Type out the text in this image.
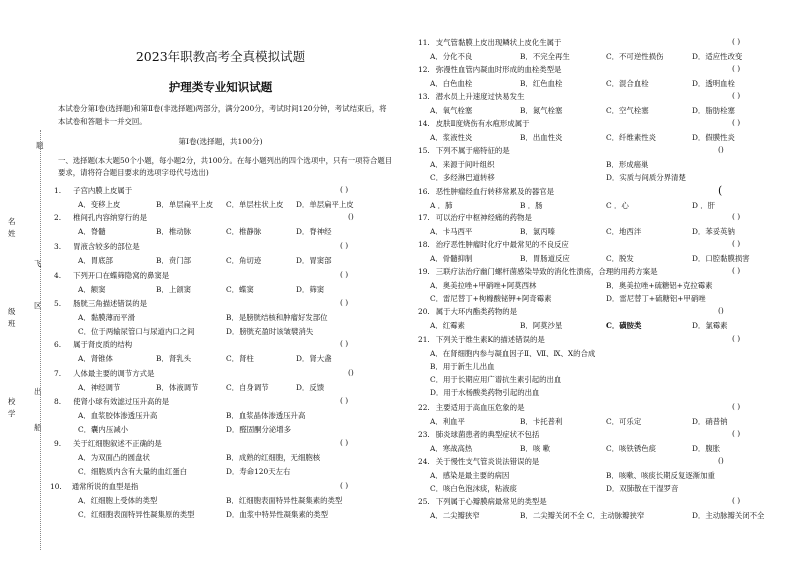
题
名
姓
飞
区
级
班
出
校
学
船
2023年职教高考全真模拟试题
护理类专业知识试题
本试卷分第Ⅰ卷(选择题)和第Ⅱ卷(非选择题)两部分，满分200分，考试时间120分钟，考试结束后，将本试卷和答题卡一并交回。
第Ⅰ卷(选择题，共100分)
一、选择题(本大题50个小题，每小题2分，共100分。在每小题列出的四个选项中，只有一项符合题目要求，请将符合题目要求的选项字母代号选出)
1. 子宫内膜上皮属于	( )
A．变移上皮	B．单层扁平上皮 C．单层柱状上皮 D．单层扁平上皮
2. 椎间孔内容纳穿行的是	()
A．脊髓	B．椎动脉	C．椎静脉	D．脊神经
3. 胃液含较多的部位是	( )
A．胃底部	B．贲门部	C．角切迹	D．胃窦部
4. 下列开口在蝶筛隐窝的鼻窦是	( )
A．额窦	B．上颌窦	C．蝶窦	D．筛窦
5. 肠胱三角描述错误的是	( )
A．黏膜薄而平滑	B．是膀胱结核和肿瘤好发部位
C．位于两输尿管口与尿道内口之间	D．膀胱充盈时该皱襞消失
6. 属于肾皮质的结构	( )
A．肾锥体	B．肾乳头	C．肾柱	D．肾大盏
7. 人体最主要的调节方式是	()
A．神经调节	B．体液调节	C．自身调节	D．反馈
8. 使肾小球有效滤过压升高的是	( )
A．血浆胶体渗透压升高	B．血浆晶体渗透压升高
C．囊内压减小	D．醛固酮分泌增多
9. 关于红细胞叙述不正确的是	( )
A．为双面凸的圆盘状	B．成熟的红细胞，无细胞核
C．细胞质内含有大量的血红蛋白	D．寿命120天左右
10. 通常所说的血型是指	( )
A．红细胞上受体的类型	B．红细胞表面特异性凝集素的类型
C．红细胞表面特异性凝集原的类型	D．血浆中特异性凝集素的类型
11. 支气管黏膜上皮出现鳞状上皮化生属于	( )
A．分化不良	B．不完全再生	C．不可逆性损伤	D．适应性改变
12. 弥漫性血管内凝血时形成的血栓类型是	( )
A．白色血栓	B．红色血栓	C．混合血栓	D．透明血栓
13. 潜水员上升速度过快易发生	( )
A．氧气栓塞	B．氮气栓塞	C．空气栓塞	D．脂肪栓塞
14. 皮肤Ⅱ度烧伤有水疱形成属于	( )
A．浆液性炎	B．出血性炎	C．纤维素性炎	D．假膜性炎
15. 下列不属于癌特征的是	()
A．来源于间叶组织	B．形成癌巢
C．多经淋巴道转移	D．实质与间质分界清楚
16. 恶性肿瘤经血行转移常累及的器官是	(
A ．肺	B ．肠	C ．心	D ．肝
17. 可以治疗中枢神经痛的药物是	( )
A．卡马西平	B．氯丙嗪	C．地西泮	D．苯妥英钠
18. 治疗恶性肿瘤时化疗中最常见的不良反应	( )
A．骨髓抑制	B．胃肠道反应	C．脱发	D．口腔黏膜损害
19. 三联疗法治疗幽门螺杆菌感染导致的消化性溃疡，合理的用药方案是	( )
A．奥美拉唑+甲硝唑+阿莫西林	B．奥美拉唑+硫糖铝+克拉霉素
C．雷尼替丁+枸橼酸铋钾+阿奇霉素	D．雷尼替丁+硫糖铝+甲硝唑
20. 属于大环内酯类药物的是	()
A．红霉素	B．阿莫沙星	C．磺胺类	D．氯霉素
21. 下列关于维生素K的描述错误的是	( )
A．在肾细胞内参与凝血因子Ⅱ、Ⅶ、Ⅸ、Ⅹ的合成
B．用于新生儿出血
C．用于长期应用广谱抗生素引起的出血
D．用于水杨酸类药物引起的出血
22. 主要适用于高血压危象的是	( )
A．利血平	B．卡托普利	C．可乐定	D．硝普钠
23. 肺炎球菌患者的典型症状不包括	( )
A．寒战高热	B．咳 嗽	C．咳铁锈色痰	D．腹胀
24. 关于慢性支气管炎说法错误的是	()
A．感染是最主要的病因	B．咳嗽、咳痰长期反复逐渐加重
C．咳白色泡沫痰，粘液痰	D．双肺散在干湿罗音
25. 下列属于心瓣膜病最常见的类型是	( )
A．二尖瓣狭窄	B．二尖瓣关闭不全 C．主动脉瓣狭窄	D．主动脉瓣关闭不全
